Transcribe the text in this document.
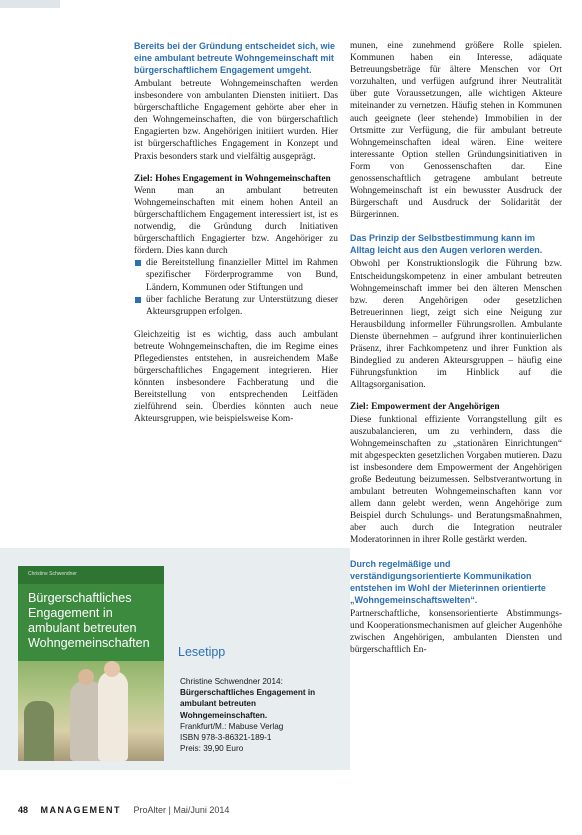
Bereits bei der Gründung entscheidet sich, wie eine ambulant betreute Wohngemeinschaft mit bürgerschaftlichem Engagement umgeht.

Ambulant betreute Wohngemeinschaften werden insbesondere von ambulanten Diensten initiiert. Das bürgerschaftliche Engagement gehörte aber eher in den Wohngemeinschaften, die von bürgerschaftlich Engagierten bzw. Angehörigen initiiert wurden. Hier ist bürgerschaftliches Engagement in Konzept und Praxis besonders stark und vielfältig ausgeprägt.

Ziel: Hohes Engagement in Wohngemeinschaften

Wenn man an ambulant betreuten Wohngemeinschaften mit einem hohen Anteil an bürgerschaftlichem Engagement interessiert ist, ist es notwendig, die Gründung durch Initiativen bürgerschaftlich Engagierter bzw. Angehöriger zu fördern. Dies kann durch

die Bereitstellung finanzieller Mittel im Rahmen spezifischer Förderprogramme von Bund, Ländern, Kommunen oder Stiftungen und
über fachliche Beratung zur Unterstützung dieser Akteursgruppen erfolgen.

Gleichzeitig ist es wichtig, dass auch ambulant betreute Wohngemeinschaften, die im Regime eines Pflegedienstes entstehen, in ausreichendem Maße bürgerschaftliches Engagement integrieren. Hier könnten insbesondere Fachberatung und die Bereitstellung von entsprechenden Leitfäden zielführend sein. Überdies könnten auch neue Akteursgruppen, wie beispielsweise Kom-

munen, eine zunehmend größere Rolle spielen. Kommunen haben ein Interesse, adäquate Betreuungsbeträge für ältere Menschen vor Ort vorzuhalten, und verfügen aufgrund ihrer Neutralität über gute Voraussetzungen, alle wichtigen Akteure miteinander zu vernetzen. Häufig stehen in Kommunen auch geeignete (leer stehende) Immobilien in der Ortsmitte zur Verfügung, die für ambulant betreute Wohngemeinschaften ideal wären. Eine weitere interessante Option stellen Gründungsinitiativen in Form von Genossenschaften dar. Eine genossenschaftlich getragene ambulant betreute Wohngemeinschaft ist ein bewusster Ausdruck der Bürgerschaft und Ausdruck der Solidarität der Bürgerinnen.

Das Prinzip der Selbstbestimmung kann im Alltag leicht aus den Augen verloren werden.

Obwohl per Konstruktionslogik die Führung bzw. Entscheidungskompetenz in einer ambulant betreuten Wohngemeinschaft immer bei den älteren Menschen bzw. deren Angehörigen oder gesetzlichen Betreuerinnen liegt, zeigt sich eine Neigung zur Herausbildung informeller Führungsrollen. Ambulante Dienste übernehmen – aufgrund ihrer kontinuierlichen Präsenz, ihrer Fachkompetenz und ihrer Funktion als Bindeglied zu anderen Akteursgruppen – häufig eine Führungsfunktion im Hinblick auf die Alltagsorganisation.

Ziel: Empowerment der Angehörigen

Diese funktional effiziente Vorrangstellung gilt es auszubalancieren, um zu verhindern, dass die Wohngemeinschaften zu „stationären Einrichtungen“ mit abgespeckten gesetzlichen Vorgaben mutieren. Dazu ist insbesondere dem Empowerment der Angehörigen große Bedeutung beizumessen. Selbstverantwortung in ambulant betreuten Wohngemeinschaften kann vor allem dann gelebt werden, wenn Angehörige zum Beispiel durch Schulungs- und Beratungsmaßnahmen, aber auch durch die Integration neutraler Moderatorinnen in ihrer Rolle gestärkt werden.

Durch regelmäßige und verständigungsorientierte Kommunikation entstehen im Wohl der Mieterinnen orientierte „Wohngemeinschaftswelten“.

Partnerschaftliche, konsensorientierte Abstimmungs- und Kooperationsmechanismen auf gleicher Augenhöhe zwischen Angehörigen, ambulanten Diensten und bürgerschaftlich En-

Christine Schwendner
Bürgerschaftliches Engagement in ambulant betreuten Wohngemeinschaften
Lesetipp
Christine Schwendner 2014:
Bürgerschaftliches Engagement in ambulant betreuten Wohngemeinschaften.
Frankfurt/M.: Mabuse Verlag
ISBN 978-3-86321-189-1
Preis: 39,90 Euro
48 MANAGEMENT ProAlter | Mai/Juni 2014
